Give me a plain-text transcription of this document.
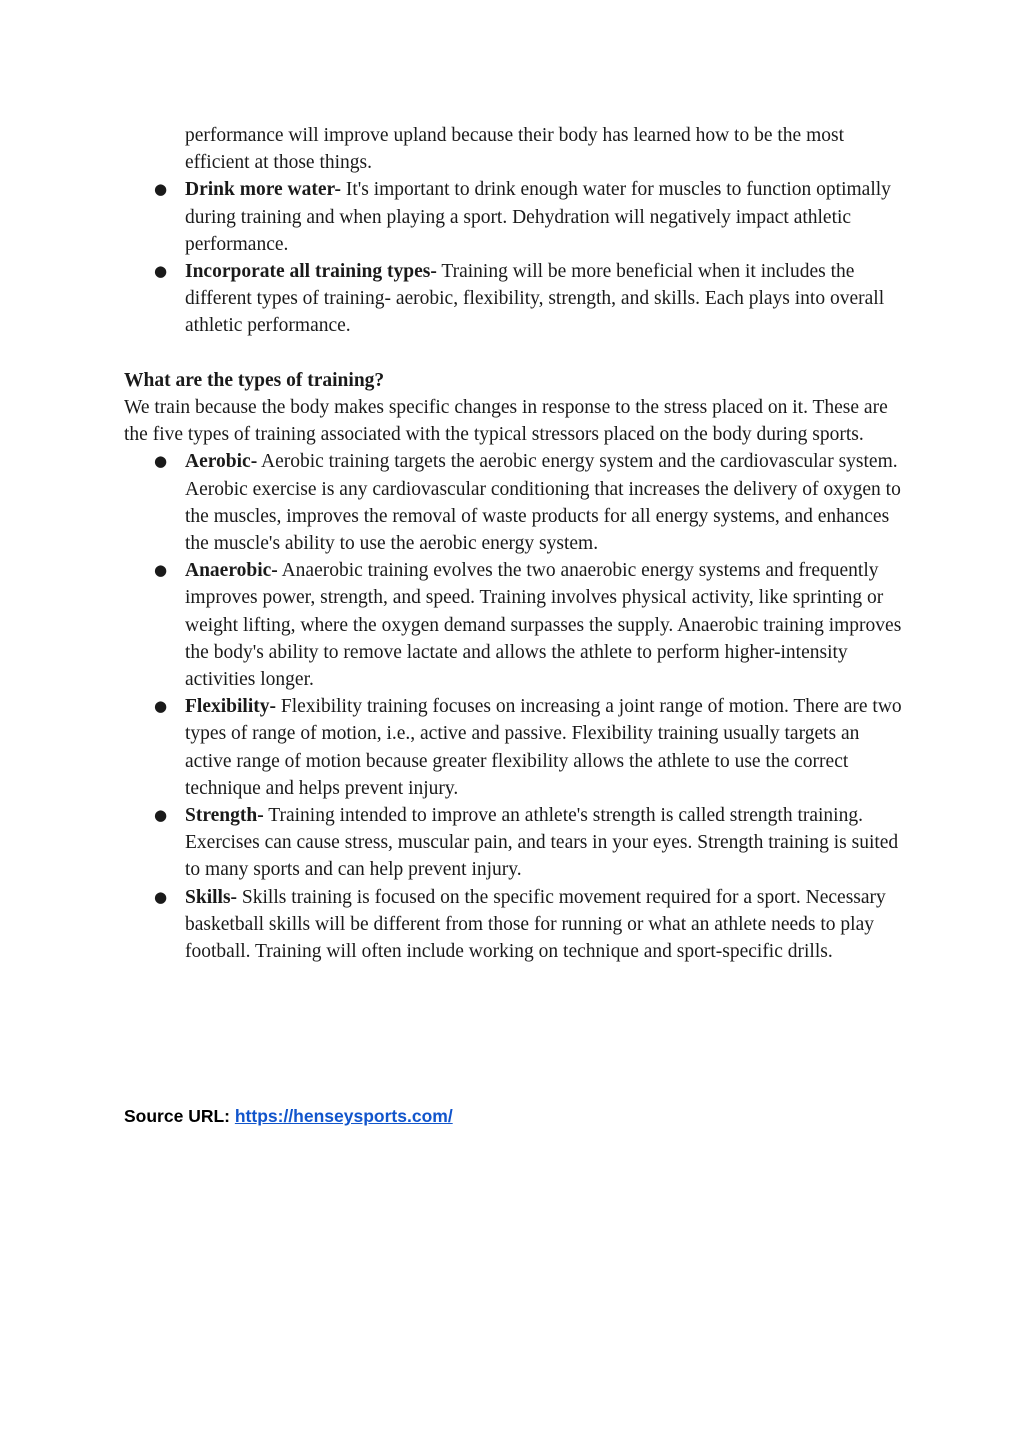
performance will improve upland because their body has learned how to be the most efficient at those things.
● Drink more water- It's important to drink enough water for muscles to function optimally during training and when playing a sport. Dehydration will negatively impact athletic performance.
● Incorporate all training types- Training will be more beneficial when it includes the different types of training- aerobic, flexibility, strength, and skills. Each plays into overall athletic performance.
What are the types of training?

We train because the body makes specific changes in response to the stress placed on it. These are the five types of training associated with the typical stressors placed on the body during sports.

● Aerobic- Aerobic training targets the aerobic energy system and the cardiovascular system. Aerobic exercise is any cardiovascular conditioning that increases the delivery of oxygen to the muscles, improves the removal of waste products for all energy systems, and enhances the muscle's ability to use the aerobic energy system.
● Anaerobic- Anaerobic training evolves the two anaerobic energy systems and frequently improves power, strength, and speed. Training involves physical activity, like sprinting or weight lifting, where the oxygen demand surpasses the supply. Anaerobic training improves the body's ability to remove lactate and allows the athlete to perform higher-intensity activities longer.
● Flexibility- Flexibility training focuses on increasing a joint range of motion. There are two types of range of motion, i.e., active and passive. Flexibility training usually targets an active range of motion because greater flexibility allows the athlete to use the correct technique and helps prevent injury.
● Strength- Training intended to improve an athlete's strength is called strength training. Exercises can cause stress, muscular pain, and tears in your eyes. Strength training is suited to many sports and can help prevent injury.
● Skills- Skills training is focused on the specific movement required for a sport. Necessary basketball skills will be different from those for running or what an athlete needs to play football. Training will often include working on technique and sport-specific drills.
Source URL: https://henseysports.com/
